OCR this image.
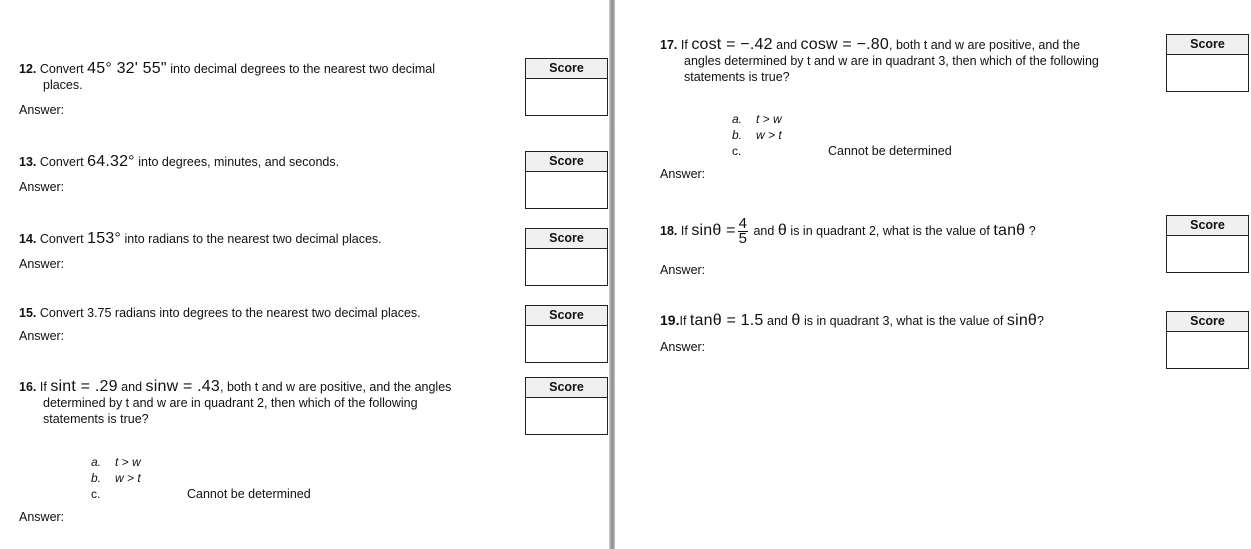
12. Convert 45° 32' 55" into decimal degrees to the nearest two decimal
places.
Answer:
Score
13. Convert 64.32° into degrees, minutes, and seconds.
Answer:
Score
14. Convert 153° into radians to the nearest two decimal places.
Answer:
Score
15. Convert 3.75 radians into degrees to the nearest two decimal places.
Answer:
Score
16. If sint = .29 and sinw = .43, both t and w are positive, and the angles
determined by t and w are in quadrant 2, then which of the following
statements is true?
a. t > w
b. w > t
c.	Cannot be determined
Answer:
Score
17. If cost = −.42 and cosw = −.80, both t and w are positive, and the
angles determined by t and w are in quadrant 3, then which of the following
statements is true?
a. t > w
b. w > t
c.	Cannot be determined
Answer:
Score
18. If $\sin\theta = \frac{4}{5}$ and θ is in quadrant 2, what is the value of tanθ ?
Answer:
Score
19.If tanθ = 1.5 and θ is in quadrant 3, what is the value of sinθ?
Answer:
Score
